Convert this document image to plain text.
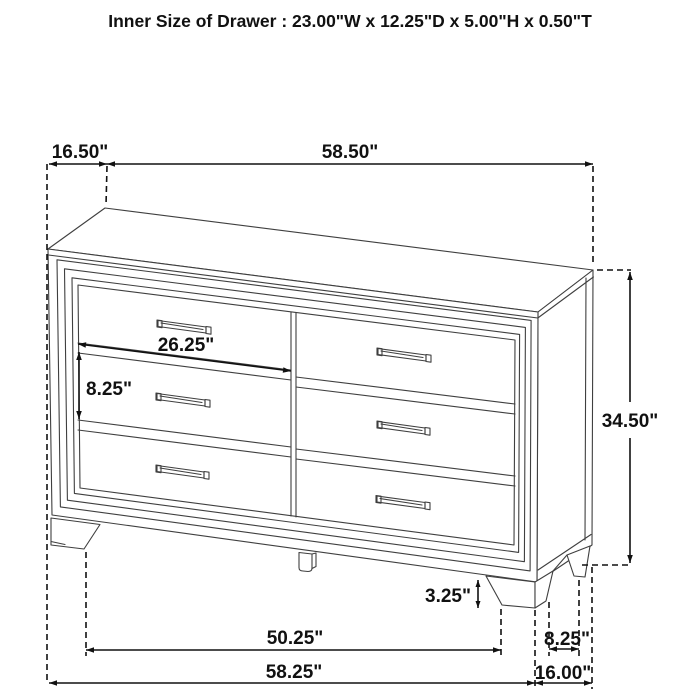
Inner Size of Drawer : 23.00"W x 12.25"D x 5.00"H x 0.50"T
16.50"	58.50"
34.50"
26.25"
8.25"
3.25"
50.25"
58.25"
8.25"
16.00"
